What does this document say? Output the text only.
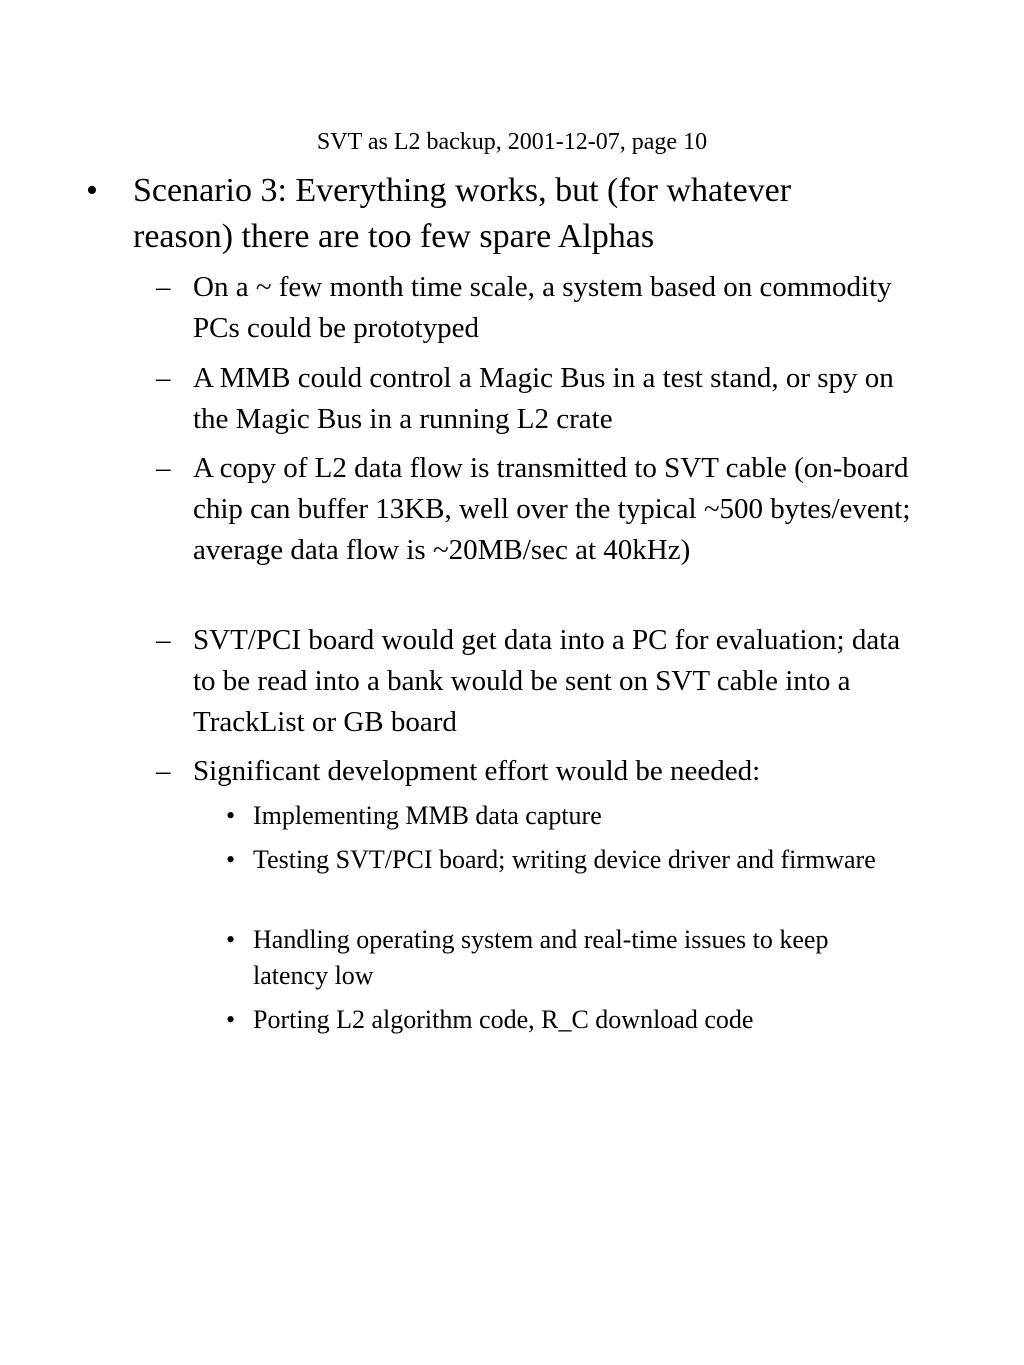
SVT as L2 backup, 2001-12-07, page 10
• Scenario 3: Everything works, but (for whatever reason) there are too few spare Alphas
– On a ~ few month time scale, a system based on commodity PCs could be prototyped
– A MMB could control a Magic Bus in a test stand, or spy on the Magic Bus in a running L2 crate
– A copy of L2 data flow is transmitted to SVT cable (on-board chip can buffer 13KB, well over the typical ~500 bytes/event; average data flow is ~20MB/sec at 40kHz)
– SVT/PCI board would get data into a PC for evaluation; data to be read into a bank would be sent on SVT cable into a TrackList or GB board
– Significant development effort would be needed:
• Implementing MMB data capture
• Testing SVT/PCI board; writing device driver and firmware
• Handling operating system and real-time issues to keep latency low
• Porting L2 algorithm code, R_C download code
